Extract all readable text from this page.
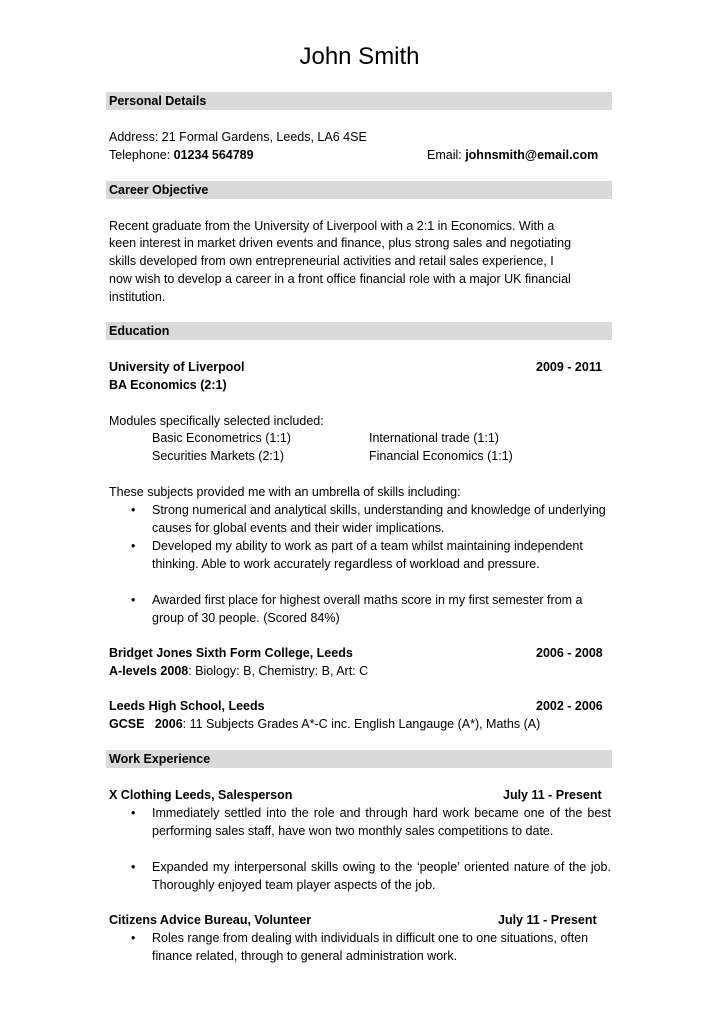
John Smith
Personal Details
Address: 21 Formal Gardens, Leeds, LA6 4SE
Telephone: 01234 564789	Email: johnsmith@email.com
Career Objective
Recent graduate from the University of Liverpool with a 2:1 in Economics. With a
keen interest in market driven events and finance, plus strong sales and negotiating
skills developed from own entrepreneurial activities and retail sales experience, I
now wish to develop a career in a front office financial role with a major UK financial
institution.
Education
University of Liverpool	2009 - 2011
BA Economics (2:1)
Modules specifically selected included:
Basic Econometrics (1:1)	International trade (1:1)
Securities Markets (2:1)	Financial Economics (1:1)
These subjects provided me with an umbrella of skills including:
• Strong numerical and analytical skills, understanding and knowledge of underlying causes for global events and their wider implications.
• Developed my ability to work as part of a team whilst maintaining independent thinking. Able to work accurately regardless of workload and pressure.
• Awarded first place for highest overall maths score in my first semester from a group of 30 people. (Scored 84%)
Bridget Jones Sixth Form College, Leeds	2006 - 2008
A-levels 2008: Biology: B, Chemistry: B, Art: C
Leeds High School, Leeds	2002 - 2006
GCSE   2006: 11 Subjects Grades A*-C inc. English Langauge (A*), Maths (A)
Work Experience
X Clothing Leeds, Salesperson	July 11 - Present
• Immediately settled into the role and through hard work became one of the best performing sales staff, have won two monthly sales competitions to date.
• Expanded my interpersonal skills owing to the ‘people’ oriented nature of the job. Thoroughly enjoyed team player aspects of the job.
Citizens Advice Bureau, Volunteer	July 11 - Present
• Roles range from dealing with individuals in difficult one to one situations, often finance related, through to general administration work.
